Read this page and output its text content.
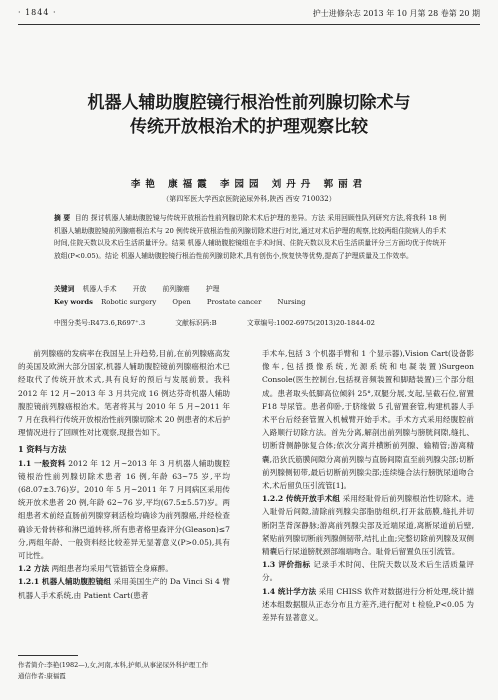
· 1844 ·	护士进修杂志 2013 年 10 月第 28 卷第 20 期
机器人辅助腹腔镜行根治性前列腺切除术与
传统开放根治术的护理观察比较
李艳 康福霞 李园园 刘丹丹 郭丽君
（第四军医大学西京医院泌尿外科,陕西 西安 710032）
摘 要 目的 探讨机器人辅助腹腔镜与传统开放根治性前列腺切除术术后护理的差异。方法 采用回顾性队列研究方法,将我科 18 例机器人辅助腹腔镜前列腺癌根治术与 20 例传统开放根治性前列腺切除术进行对比,通过对术后护理的观察,比较两组住院病人的手术时间,住院天数以及术后生活质量评分。结果 机器人辅助腹腔镜组在手术时间、住院天数以及术后生活质量评分三方面均优于传统开放组(P<0.05)。结论 机器人辅助腹腔镜行根治性前列腺切除术,具有创伤小,恢复快等优势,提高了护理质量及工作效率。
关键词 机器人手术 开放 前列腺癌 护理
Key words Robotic surgery Open Prostate cancer Nursing
中图分类号:R473.6,R697⁺.3	文献标识码:B	文章编号:1002-6975(2013)20-1844-02

前列腺癌的发病率在我国呈上升趋势,目前,在前列腺癌高发的美国及欧洲大部分国家,机器人辅助腹腔镜前列腺癌根治术已经取代了传统开放术式,具有良好的预后与发展前景。我科 2012 年 12 月~2013 年 3 月共完成 16 例达芬奇机器人辅助腹腔镜前列腺癌根治术。笔者将其与 2010 年 5 月~2011 年 7 月在我科行传统开放根治性前列腺切除术 20 例患者的术后护理情况进行了回顾性对比观察,现报告如下。

1 资料与方法

1.1 一般资料 2012 年 12 月~2013 年 3 月机器人辅助腹腔镜根治性前列腺切除术患者 16 例,年龄 63~75 岁,平均(68.07±3.76)岁。2010 年 5 月~2011 年 7 月同病区采用传统开放术患者 20 例,年龄 62~76 岁,平均(67.5±5.57)岁。两组患者术前经直肠前列腺穿刺活检均确诊为前列腺癌,并经检查确诊无骨转移和淋巴道转移,所有患者格里森评分(Gleason)≤7 分,两组年龄、一般资料经比较差异无显著意义(P>0.05),具有可比性。

1.2 方法 两组患者均采用气管插管全身麻醉。

1.2.1 机器人辅助腹腔镜组 采用美国生产的 Da Vinci Si 4 臂机器人手术系统,由 Patient Cart(患者

作者简介:李艳(1982—),女,河南,本科,护师,从事泌尿外科护理工作
通信作者:康福霞

手术车,包括 3 个机器手臂和 1 个显示器),Vision Cart(设备影像车,包括摄像系统,光源系统和电凝装置)Surgeon Console(医生控制台,包括视音频装置和脚踏装置)三个部分组成。患者取头低脚高位倾斜 25°,双腿分展,支起,呈截石位,留置 F18 导尿管。患者仰卧,于脐缘做 5 孔留置套管,构建机器人手术平台后经套管置入机械臂开始手术。手术方式采用经腹腔前入路顺行切除方法。首先分离,解剖出前列腺与膀胱间隙,缝扎、切断背侧静脉复合体;依次分离并横断前列腺、输精管;游离精囊,沿狄氏筋膜间隙分离前列腺与直肠间隙直至前列腺尖部;切断前列腺侧韧带,最后切断前列腺尖部;连续缝合法行膀胱尿道吻合术,术后留负压引流管[1]。

1.2.2 传统开放手术组 采用经耻骨后前列腺根治性切除术。进入耻骨后间隙,清除前列腺尖部脂肪组织,打开盆筋膜,缝扎并切断阴茎背深静脉;游离前列腺尖部及近端尿道,离断尿道前后壁,紧贴前列腺切断前列腺侧韧带,结扎止血;完整切除前列腺及双侧精囊后行尿道膀胱颈部端端吻合。耻骨后留置负压引流管。

1.3 评价指标 记录手术时间、住院天数以及术后生活质量评分。

1.4 统计学方法 采用 CHISS 软件对数据进行分析处理,统计描述本组数据服从正态分布且方差齐,进行配对 t 检验,P<0.05 为差异有显著意义。
